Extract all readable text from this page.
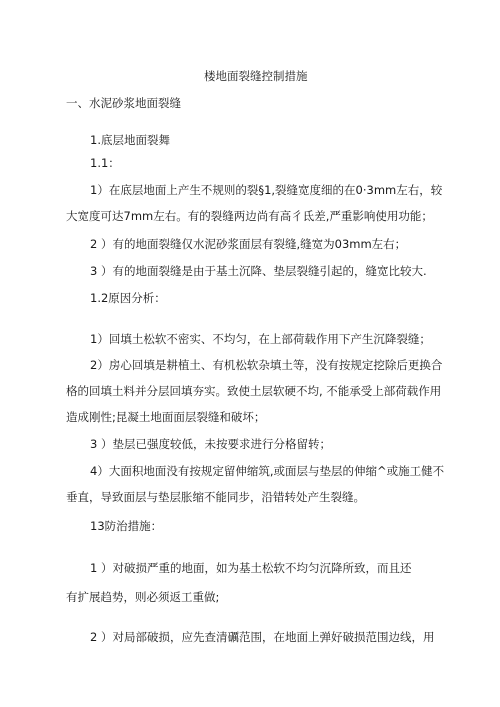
楼地面裂缝控制措施
一、水泥砂浆地面裂缝
1.底层地面裂舞
1.1：
1）在底层地面上产生不规则的裂§1,裂缝宽度细的在0·3mm左右，较
大宽度可达7mm左右。有的裂缝两边尚有高彳氐差,严重影响使用功能；
2 ）有的地面裂缝仅水泥砂浆面层有裂缝,缝宽为03mm左右；
3 ）有的地面裂缝是由于基土沉降、垫层裂缝引起的，缝宽比较大.
1.2原因分析：
1）回填土松软不密实、不均匀，在上部荷载作用下产生沉降裂缝；
2）房心回填是耕植土、有机松软杂填土等，没有按规定挖除后更换合
格的回填土料并分层回填夯实。致使土层软硬不均, 不能承受上部荷载作用
造成刚性;昆凝土地面面层裂缝和破坏；
3 ）垫层已强度较低，未按要求进行分格留转；
4）大面积地面没有按规定留伸缩筑,或面层与垫层的伸缩^或施工健不
垂直，导致面层与垫层胀缩不能同步，沿错转处产生裂缝。
13防治措施：
1 ）对破损严重的地面，如为基土松软不均匀沉降所致，而且还
有扩展趋势，则必须返工重做;
2 ）对局部破损，应先查清礪范围，在地面上弹好破损范围边线，用
